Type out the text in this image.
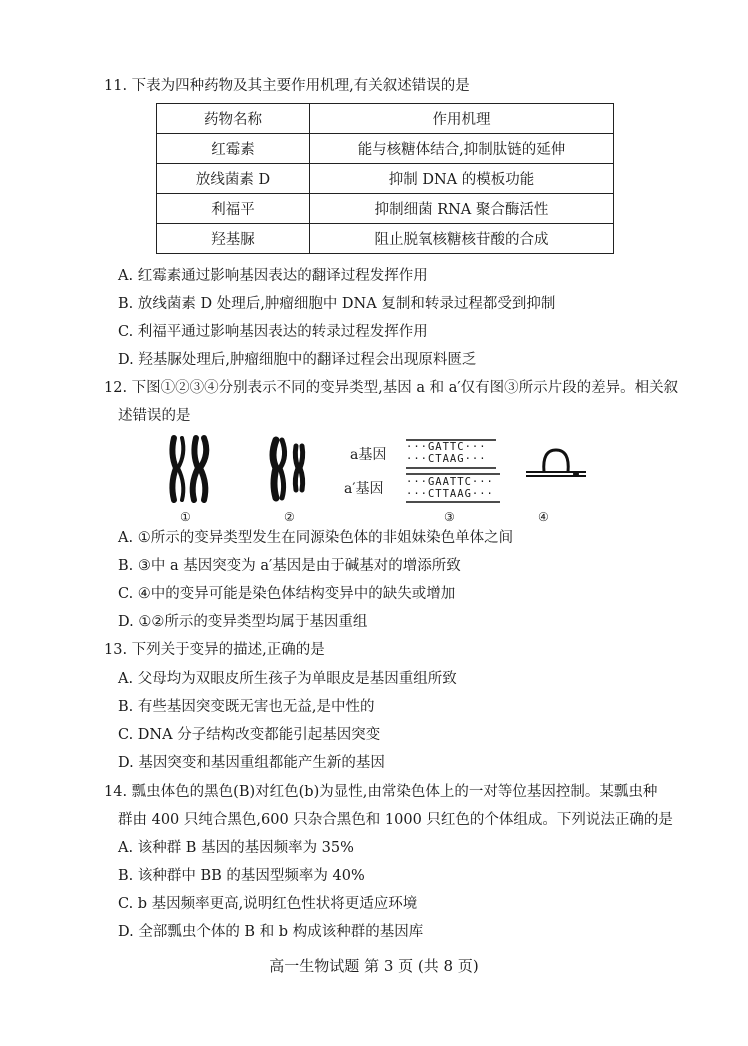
11. 下表为四种药物及其主要作用机理,有关叙述错误的是
药物名称	作用机理
红霉素	能与核糖体结合,抑制肽链的延伸
放线菌素 D	抑制 DNA 的模板功能
利福平	抑制细菌 RNA 聚合酶活性
羟基脲	阻止脱氧核糖核苷酸的合成
A. 红霉素通过影响基因表达的翻译过程发挥作用
B. 放线菌素 D 处理后,肿瘤细胞中 DNA 复制和转录过程都受到抑制
C. 利福平通过影响基因表达的转录过程发挥作用
D. 羟基脲处理后,肿瘤细胞中的翻译过程会出现原料匮乏
12. 下图①②③④分别表示不同的变异类型,基因 a 和 a′仅有图③所示片段的差异。相关叙
述错误的是
①	②
a基因
a′基因
···GATTC···
···CTAAG···
···GAATTC···
···CTTAAG···
③	④
A. ①所示的变异类型发生在同源染色体的非姐妹染色单体之间
B. ③中 a 基因突变为 a′基因是由于碱基对的增添所致
C. ④中的变异可能是染色体结构变异中的缺失或增加
D. ①②所示的变异类型均属于基因重组
13. 下列关于变异的描述,正确的是
A. 父母均为双眼皮所生孩子为单眼皮是基因重组所致
B. 有些基因突变既无害也无益,是中性的
C. DNA 分子结构改变都能引起基因突变
D. 基因突变和基因重组都能产生新的基因
14. 瓢虫体色的黑色(B)对红色(b)为显性,由常染色体上的一对等位基因控制。某瓢虫种
群由 400 只纯合黑色,600 只杂合黑色和 1000 只红色的个体组成。下列说法正确的是
A. 该种群 B 基因的基因频率为 35%
B. 该种群中 BB 的基因型频率为 40%
C. b 基因频率更高,说明红色性状将更适应环境
D. 全部瓢虫个体的 B 和 b 构成该种群的基因库
高一生物试题 第 3 页 (共 8 页)
